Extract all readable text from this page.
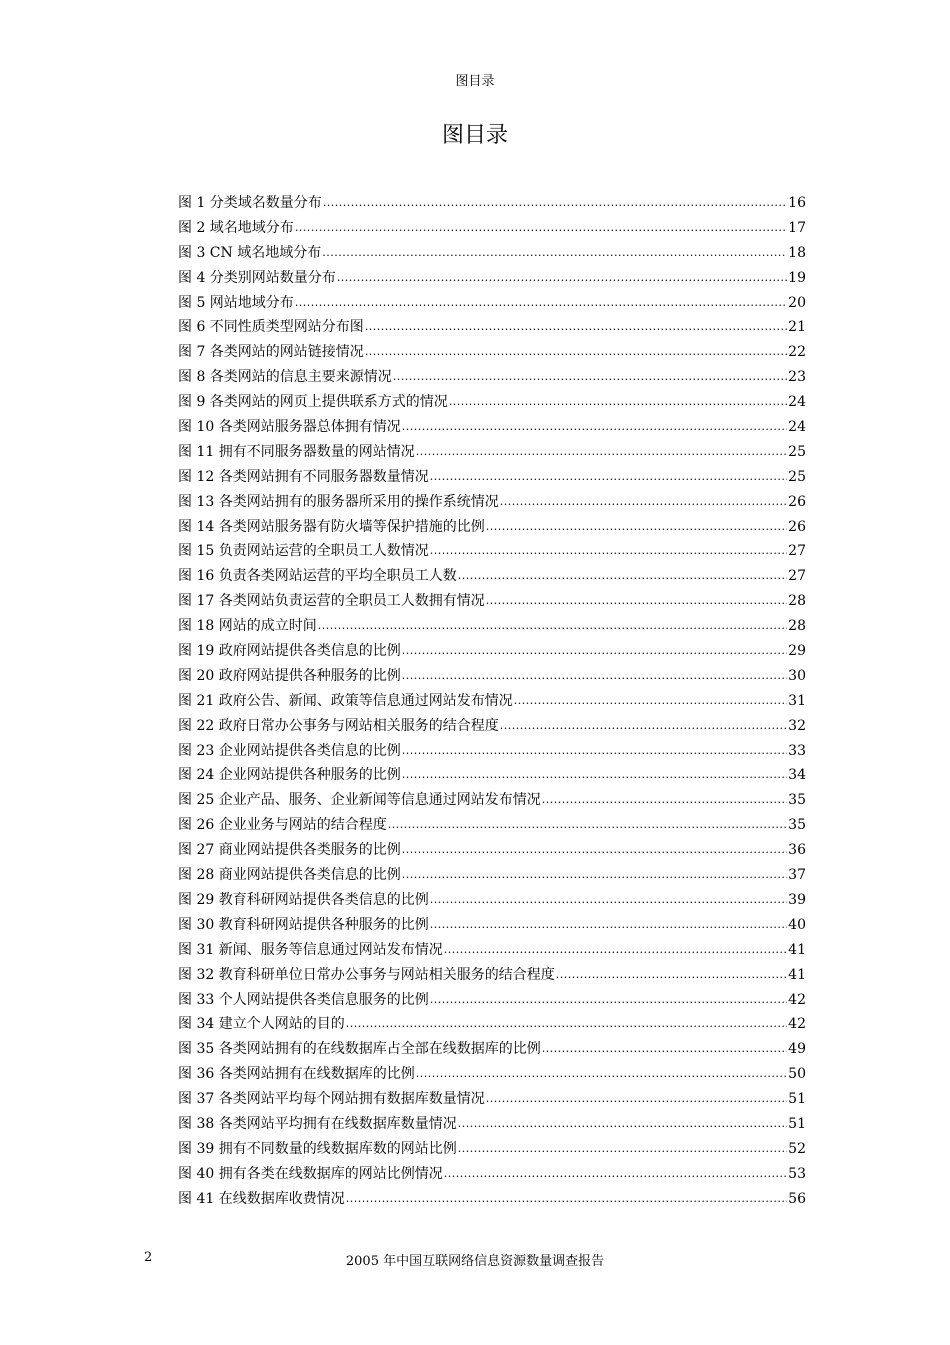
图目录
图目录
图 1 分类域名数量分布 .....	16
图 2 域名地域分布 .....	17
图 3 CN 域名地域分布 .....	18
图 4 分类别网站数量分布 .....	19
图 5 网站地域分布 .....	20
图 6 不同性质类型网站分布图 .....	21
图 7 各类网站的网站链接情况 .....	22
图 8 各类网站的信息主要来源情况 .....	23
图 9 各类网站的网页上提供联系方式的情况 .....	24
图 10 各类网站服务器总体拥有情况 .....	24
图 11 拥有不同服务器数量的网站情况 .....	25
图 12 各类网站拥有不同服务器数量情况 .....	25
图 13 各类网站拥有的服务器所采用的操作系统情况 .....	26
图 14 各类网站服务器有防火墙等保护措施的比例 .....	26
图 15 负责网站运营的全职员工人数情况 .....	27
图 16 负责各类网站运营的平均全职员工人数 .....	27
图 17 各类网站负责运营的全职员工人数拥有情况 .....	28
图 18 网站的成立时间 .....	28
图 19 政府网站提供各类信息的比例 .....	29
图 20 政府网站提供各种服务的比例 .....	30
图 21 政府公告、新闻、政策等信息通过网站发布情况 .....	31
图 22 政府日常办公事务与网站相关服务的结合程度 .....	32
图 23 企业网站提供各类信息的比例 .....	33
图 24 企业网站提供各种服务的比例 .....	34
图 25 企业产品、服务、企业新闻等信息通过网站发布情况 .....	35
图 26 企业业务与网站的结合程度 .....	35
图 27 商业网站提供各类服务的比例 .....	36
图 28 商业网站提供各类信息的比例 .....	37
图 29 教育科研网站提供各类信息的比例 .....	39
图 30 教育科研网站提供各种服务的比例 .....	40
图 31 新闻、服务等信息通过网站发布情况 .....	41
图 32 教育科研单位日常办公事务与网站相关服务的结合程度 .....	41
图 33 个人网站提供各类信息服务的比例 .....	42
图 34 建立个人网站的目的 .....	42
图 35 各类网站拥有的在线数据库占全部在线数据库的比例 .....	49
图 36 各类网站拥有在线数据库的比例 .....	50
图 37 各类网站平均每个网站拥有数据库数量情况 .....	51
图 38 各类网站平均拥有在线数据库数量情况 .....	51
图 39 拥有不同数量的线数据库数的网站比例 .....	52
图 40 拥有各类在线数据库的网站比例情况 .....	53
图 41 在线数据库收费情况 .....	56
2	2005 年中国互联网络信息资源数量调查报告
